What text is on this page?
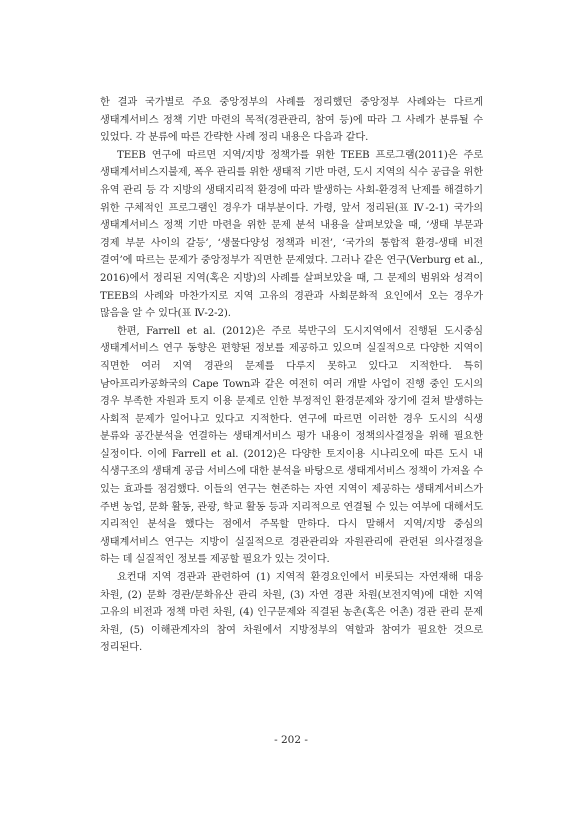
한 결과 국가별로 주요 중앙정부의 사례를 정리했던 중앙정부 사례와는 다르게 생태계서비스 정책 기반 마련의 목적(경관관리, 참여 등)에 따라 그 사례가 분류될 수 있었다. 각 분류에 따른 간략한 사례 정리 내용은 다음과 같다.

TEEB 연구에 따르면 지역/지방 정책가를 위한 TEEB 프로그램(2011)은 주로 생태계서비스지불제, 폭우 관리를 위한 생태적 기반 마련, 도시 지역의 식수 공급을 위한 유역 관리 등 각 지방의 생태지리적 환경에 따라 발생하는 사회-환경적 난제를 해결하기 위한 구체적인 프로그램인 경우가 대부분이다. 가령, 앞서 정리된(표 Ⅳ-2-1) 국가의 생태계서비스 정책 기반 마련을 위한 문제 분석 내용을 살펴보았을 때, ‘생태 부문과 경제 부문 사이의 갈등’, ‘생물다양성 정책과 비전’, ‘국가의 통합적 환경-생태 비전 결여’에 따르는 문제가 중앙정부가 직면한 문제였다. 그러나 같은 연구(Verburg et al., 2016)에서 정리된 지역(혹은 지방)의 사례를 살펴보았을 때, 그 문제의 범위와 성격이 TEEB의 사례와 마찬가지로 지역 고유의 경관과 사회문화적 요인에서 오는 경우가 많음을 알 수 있다(표 Ⅳ-2-2).

한편, Farrell et al. (2012)은 주로 북반구의 도시지역에서 진행된 도시중심 생태계서비스 연구 동향은 편향된 정보를 제공하고 있으며 실질적으로 다양한 지역이 직면한 여러 지역 경관의 문제를 다루지 못하고 있다고 지적한다. 특히 남아프리카공화국의 Cape Town과 같은 여전히 여러 개발 사업이 진행 중인 도시의 경우 부족한 자원과 토지 이용 문제로 인한 부정적인 환경문제와 장기에 걸쳐 발생하는 사회적 문제가 일어나고 있다고 지적한다. 연구에 따르면 이러한 경우 도시의 식생 분류와 공간분석을 연결하는 생태계서비스 평가 내용이 정책의사결정을 위해 필요한 실정이다. 이에 Farrell et al. (2012)은 다양한 토지이용 시나리오에 따른 도시 내 식생구조의 생태계 공급 서비스에 대한 분석을 바탕으로 생태계서비스 정책이 가져올 수 있는 효과를 점검했다. 이들의 연구는 현존하는 자연 지역이 제공하는 생태계서비스가 주변 농업, 문화 활동, 관광, 학교 활동 등과 지리적으로 연결될 수 있는 여부에 대해서도 지리적인 분석을 했다는 점에서 주목할 만하다. 다시 말해서 지역/지방 중심의 생태계서비스 연구는 지방이 실질적으로 경관관리와 자원관리에 관련된 의사결정을 하는 데 실질적인 정보를 제공할 필요가 있는 것이다.

요컨대 지역 경관과 관련하여 (1) 지역적 환경요인에서 비롯되는 자연재해 대응 차원, (2) 문화 경관/문화유산 관리 차원, (3) 자연 경관 차원(보전지역)에 대한 지역 고유의 비전과 정책 마련 차원, (4) 인구문제와 직결된 농촌(혹은 어촌) 경관 관리 문제 차원, (5) 이해관계자의 참여 차원에서 지방정부의 역할과 참여가 필요한 것으로 정리된다.

- 202 -
